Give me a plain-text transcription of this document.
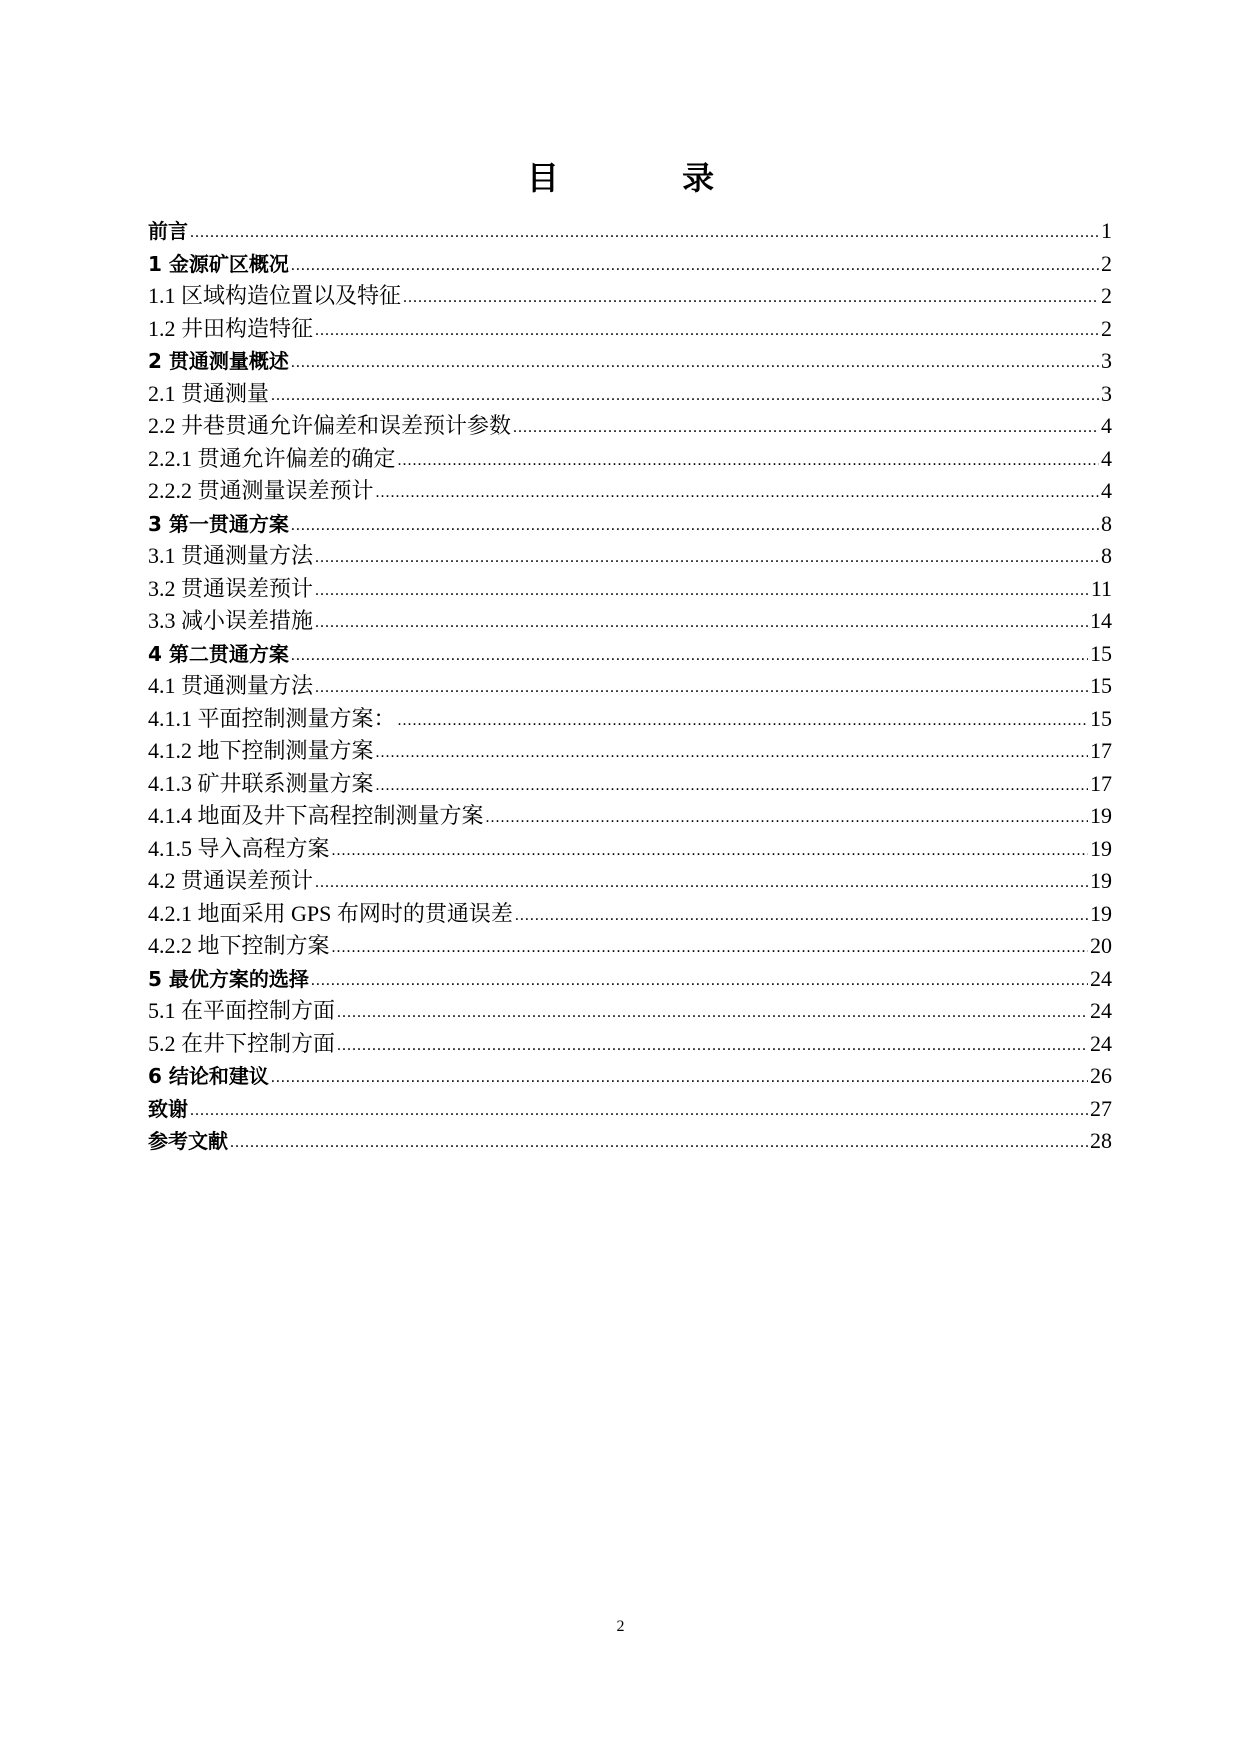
目 录
前言 .....	1
1 金源矿区概况 .....	2
1.1 区域构造位置以及特征 .....	2
1.2 井田构造特征 .....	2
2 贯通测量概述 .....	3
2.1 贯通测量 .....	3
2.2 井巷贯通允许偏差和误差预计参数 .....	4
2.2.1 贯通允许偏差的确定 .....	4
2.2.2 贯通测量误差预计 .....	4
3 第一贯通方案 .....	8
3.1 贯通测量方法 .....	8
3.2 贯通误差预计 .....	11
3.3 减小误差措施 .....	14
4 第二贯通方案 .....	15
4.1 贯通测量方法 .....	15
4.1.1 平面控制测量方案： .....	15
4.1.2 地下控制测量方案 .....	17
4.1.3 矿井联系测量方案 .....	17
4.1.4 地面及井下高程控制测量方案 .....	19
4.1.5 导入高程方案 .....	19
4.2 贯通误差预计 .....	19
4.2.1 地面采用 GPS 布网时的贯通误差 .....	19
4.2.2 地下控制方案 .....	20
5 最优方案的选择 .....	24
5.1 在平面控制方面 .....	24
5.2 在井下控制方面 .....	24
6 结论和建议 .....	26
致谢 .....	27
参考文献 .....	28
2
